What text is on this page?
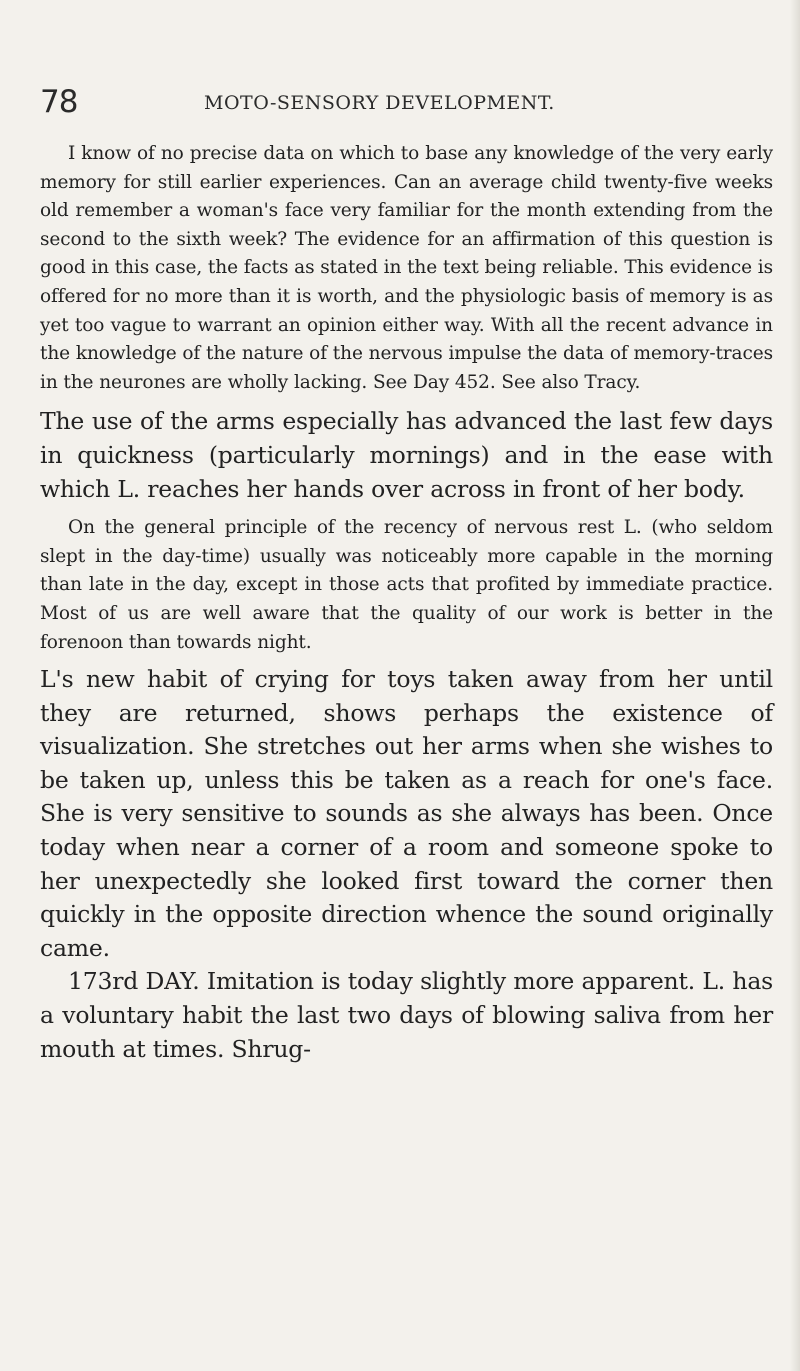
78	MOTO-SENSORY DEVELOPMENT.

I know of no precise data on which to base any knowledge of the very early memory for still earlier experiences. Can an average child twenty-five weeks old remember a woman's face very familiar for the month extending from the second to the sixth week? The evidence for an affirmation of this question is good in this case, the facts as stated in the text being reliable. This evidence is offered for no more than it is worth, and the physiologic basis of memory is as yet too vague to warrant an opinion either way. With all the recent advance in the knowledge of the nature of the nervous impulse the data of memory-traces in the neurones are wholly lacking. See Day 452. See also Tracy.

The use of the arms especially has advanced the last few days in quickness (particularly mornings) and in the ease with which L. reaches her hands over across in front of her body.

On the general principle of the recency of nervous rest L. (who seldom slept in the day-time) usually was noticeably more capable in the morning than late in the day, except in those acts that profited by immediate practice. Most of us are well aware that the quality of our work is better in the forenoon than towards night.

L's new habit of crying for toys taken away from her until they are returned, shows perhaps the existence of visualization. She stretches out her arms when she wishes to be taken up, unless this be taken as a reach for one's face. She is very sensitive to sounds as she always has been. Once today when near a corner of a room and someone spoke to her unexpectedly she looked first toward the corner then quickly in the opposite direction whence the sound originally came.

173rd DAY. Imitation is today slightly more apparent. L. has a voluntary habit the last two days of blowing saliva from her mouth at times. Shrug-
